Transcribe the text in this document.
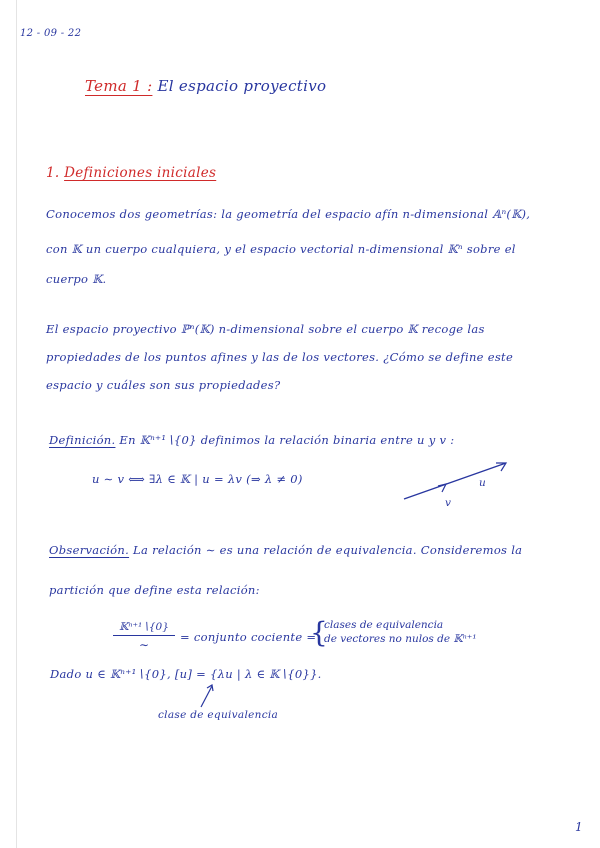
12 - 09 - 22
Tema 1 : El espacio proyectivo
1. Definiciones iniciales
Conocemos dos geometrías: la geometría del espacio afín n-dimensional 𝔸ⁿ(𝕂),
con 𝕂 un cuerpo cualquiera, y el espacio vectorial n-dimensional 𝕂ⁿ sobre el
cuerpo 𝕂.
El espacio proyectivo ℙⁿ(𝕂) n-dimensional sobre el cuerpo 𝕂 recoge las
propiedades de los puntos afines y las de los vectores. ¿Cómo se define este
espacio y cuáles son sus propiedades?
Definición. En 𝕂ⁿ⁺¹∖{0} definimos la relación binaria entre u y v :
u ∼ v ⟺ ∃λ ∈ 𝕂 | u = λv (⇒ λ ≠ 0)	u
v
Observación. La relación ∼ es una relación de equivalencia. Consideremos la
partición que define esta relación:
𝕂ⁿ⁺¹∖{0}
∼
= conjunto cociente =
{
clases de equivalencia
de vectores no nulos de 𝕂ⁿ⁺¹
Dado u ∈ 𝕂ⁿ⁺¹∖{0}, [u] = {λu | λ ∈ 𝕂∖{0}}.
clase de equivalencia
1
